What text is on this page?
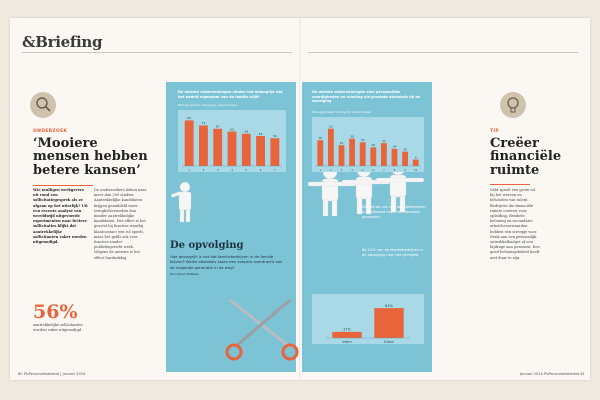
&Briefing
ONDERZOEK
‘Mooiere mensen hebben betere kansen’
Wie mulligen werkgevers uit rond een sollicitatiegesprek als ze afgaan op het uiterlijk? Uit een recente analyse van wereldwijd uitgevoerde experimenten naar fictieve sollicitaties blijkt dat aantrekkelijke sollicitanten vaker worden uitgenodigd.
De onderzoekers keken naar meer dan 200 studies. Aantrekkelijke kandidaten krijgen gemiddeld meer terugbelverzoeken dan minder aantrekkelijke kandidaten. Het effect is het grootst bij functies waarbij klantcontact een rol speelt, maar het geldt ook voor functies zonder publieksgericht werk. Volgens de auteurs is het effect hardnekkig.
56%
aantrekkelijke sollicitanten worden vaker uitgenodigd
60 P&Personeelsbeleid | Januari 2024
De meeste ondernemingen vinden het belangrijk dat het bedrijf eigendom van de familie blijft
Belangrijk/zeer belangrijk, percentages
82
1
73
2
67
3
62
4
58
5
54
6
50
7
De opvolging
Hoe belangrijk is het dat familiebedrijven in de familie blijven? Welke obstakels staan een soepele overdracht aan de volgende generatie in de weg?
Door Ruud Wobbes
De meeste ondernemingen zien persoonlijke vaardigheden en scholing als grootste obstakels bij de opvolging
Belangrijk/zeer belangrijk, percentages
36
1
52
2
29
3
38
4
33
5
26
6
32
7
24
8
20
9
9
10
Een derde van alle familiebedrijven in Nederland heeft een opvolger gevonden.
Bij 12% van de familiebedrijven is de opvolging nog niet geregeld.
17%
Intern
83%
Extern
TIP
Creëer financiële ruimte
Geld speelt een grote rol bij het werven en behouden van talent. Bedrijven die financiële ruimte creëren voor opleiding, flexibele beloning en secundaire arbeidsvoorwaarden hebben een streepje voor. Denk aan een persoonlijk ontwikkelbudget of een bijdrage aan pensioen. Een goed beloningsbeleid hoeft niet duur te zijn.
Januari 2024 P&Personeelsbeleid 61
